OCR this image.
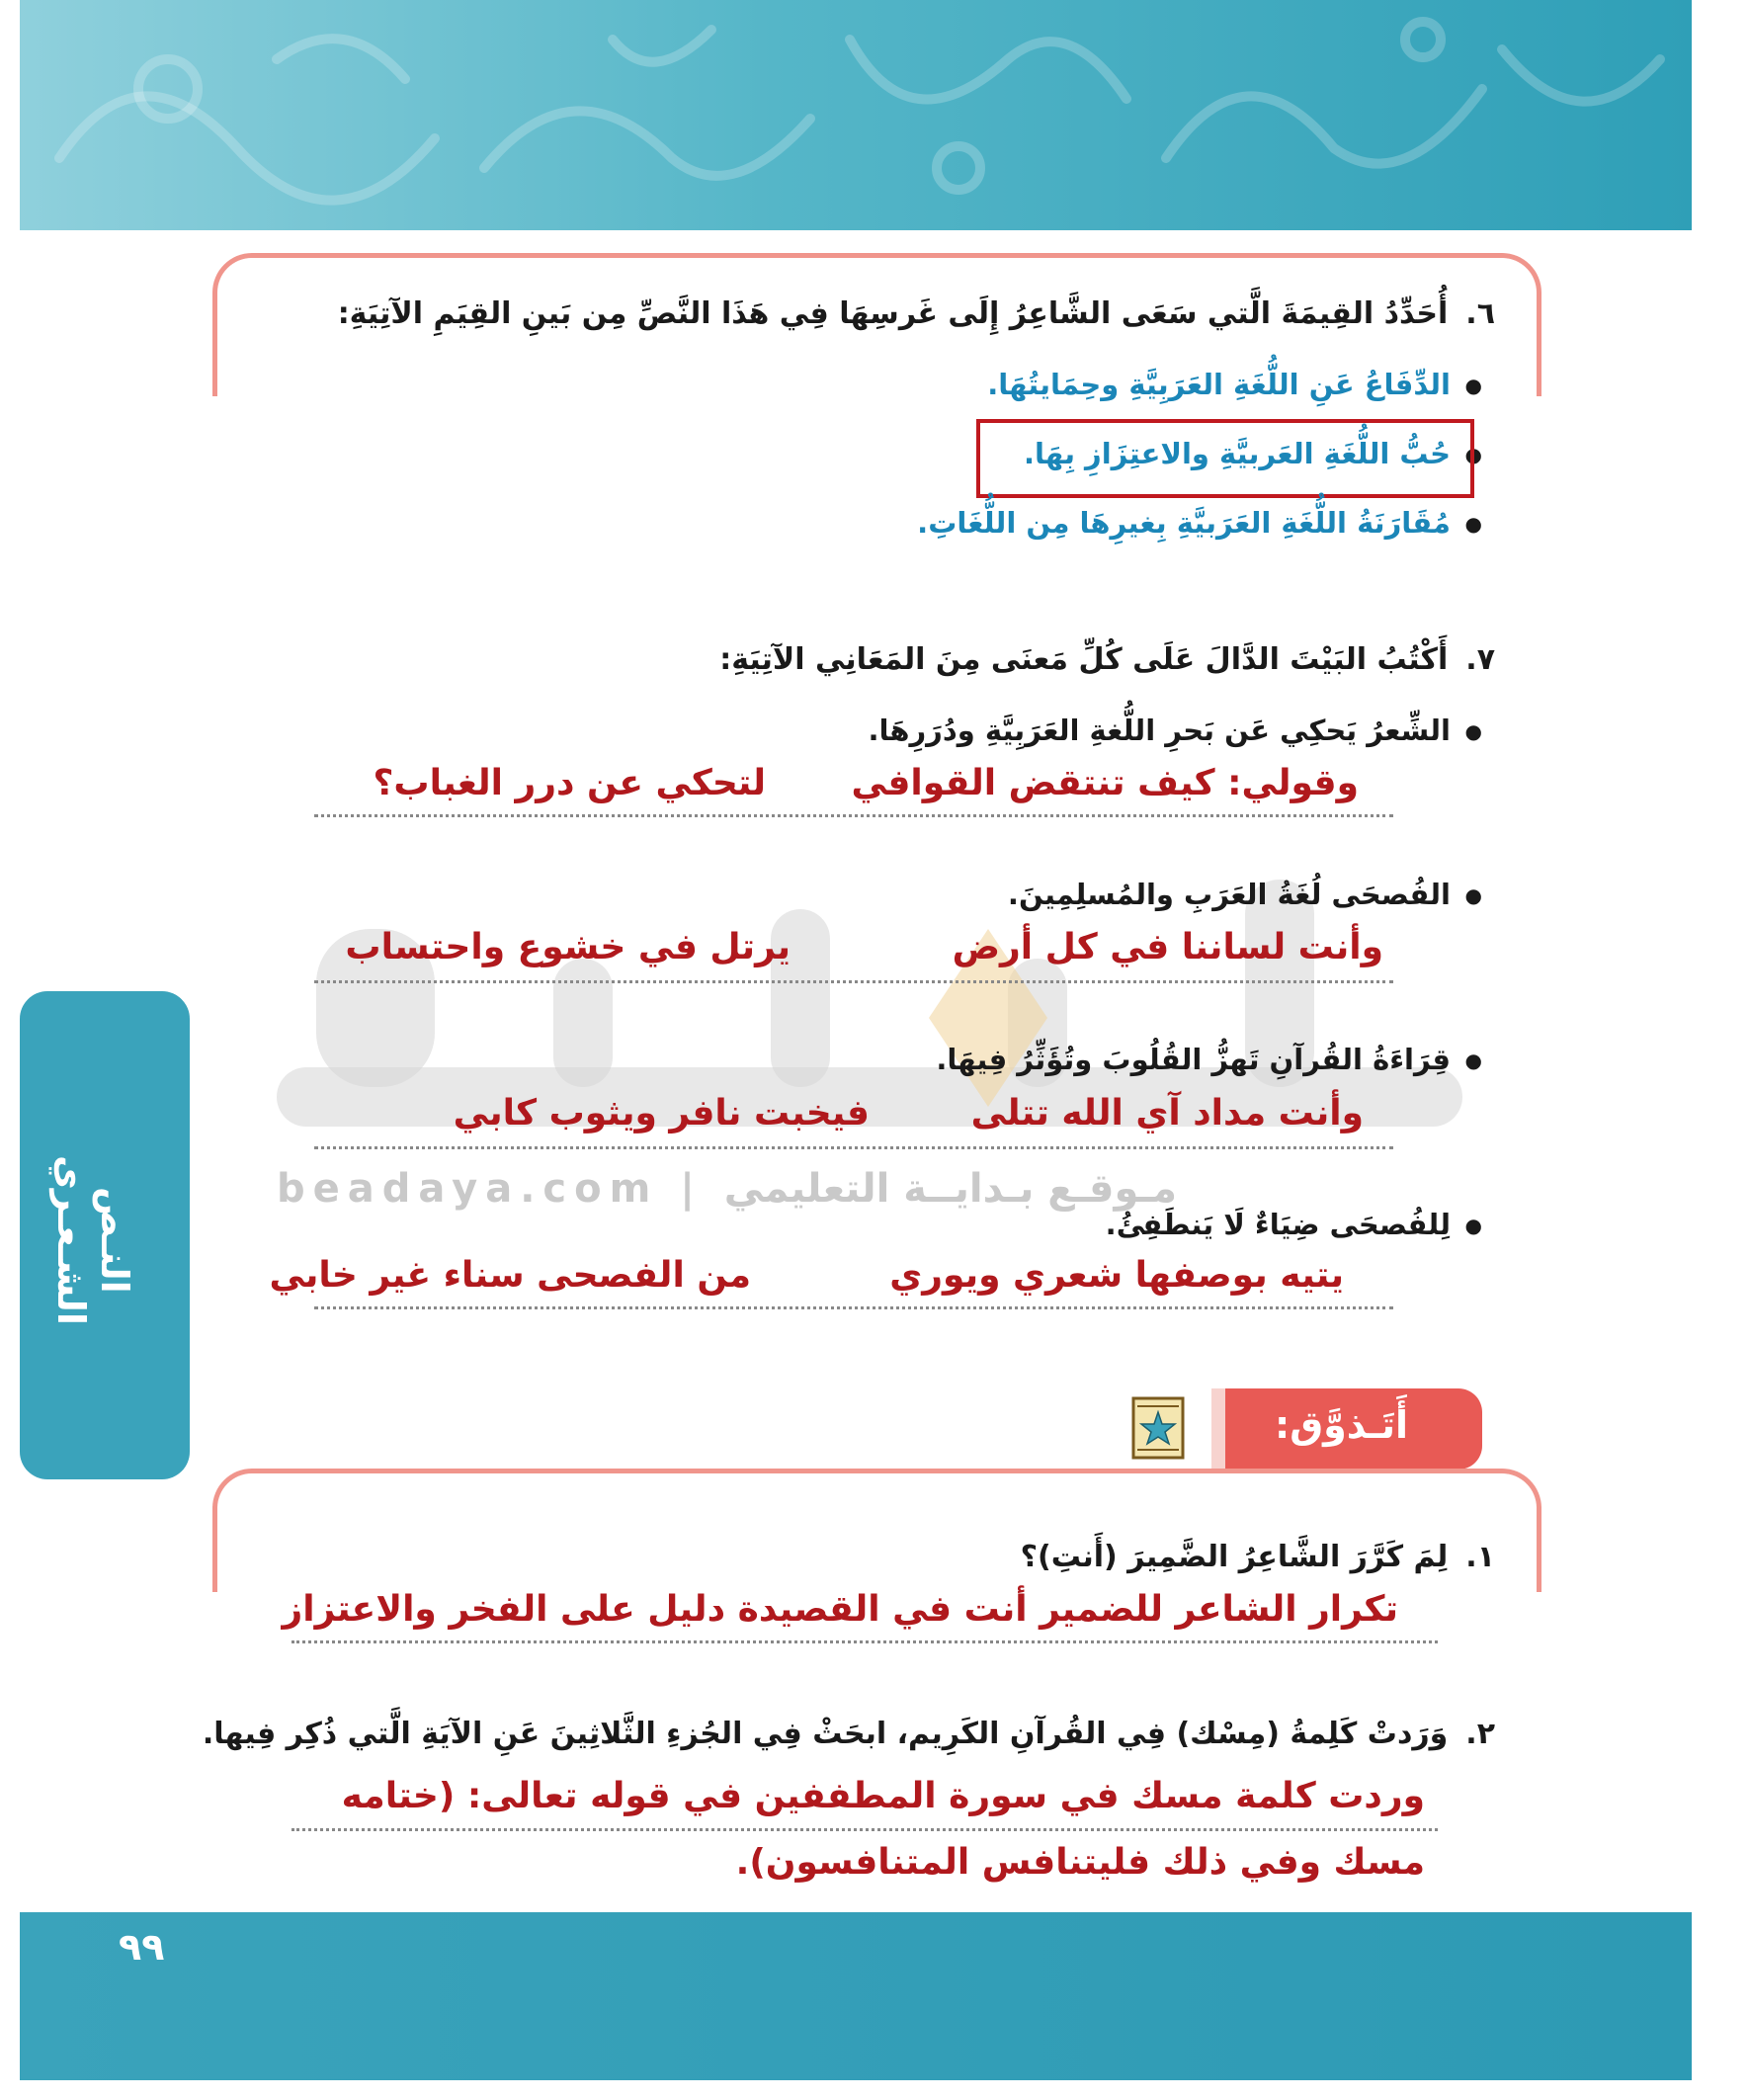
النـص الشـعـري	beadaya.com | مـوقـع بـدايــة التعليمي
٦.أُحَدِّدُ القِيمَةَ الَّتي سَعَى الشَّاعِرُ إِلَى غَرسِهَا فِي هَذَا النَّصِّ مِن بَينِ القِيَمِ الآتِيَةِ:
● الدِّفَاعُ عَنِ اللُّغَةِ العَرَبِيَّةِ وحِمَايتُهَا.
● حُبُّ اللُّغَةِ العَربيَّةِ والاعتِزَازِ بِهَا.
● مُقَارَنَةُ اللُّغَةِ العَرَبيَّةِ بِغيرِهَا مِن اللُّغَاتِ.
٧.أَكْتُبُ البَيْتَ الدَّالَ عَلَى كُلِّ مَعنَى مِنَ المَعَانِي الآتِيَةِ:
● الشِّعرُ يَحكِي عَن بَحرِ اللُّغةِ العَرَبِيَّةِ ودُرَرِهَا.
وقولي: كيف تنتقض القوافي
لتحكي عن درر الغباب؟
● الفُصحَى لُغَةُ العَرَبِ والمُسلِمِينَ.
وأنت لساننا في كل أرض
يرتل في خشوع واحتساب
● قِرَاءَةُ القُرآنِ تَهزُّ القُلُوبَ وتُؤَثِّرُ فِيهَا.
وأنت مداد آي الله تتلى
فيخبت نافر ويثوب كابي
● لِلفُصحَى ضِيَاءٌ لَا يَنطَفِئُ.
يتيه بوصفها شعري ويوري
من الفصحى سناء غير خابي
أَتَـذوَّق:
١.لِمَ كَرَّرَ الشَّاعِرُ الضَّمِيرَ (أَنتِ)؟
تكرار الشاعر للضمير أنت في القصيدة دليل على الفخر والاعتزاز
٢.وَرَدتْ كَلِمةُ (مِسْك) فِي القُرآنِ الكَرِيم، ابحَثْ فِي الجُزءِ الثَّلاثِينَ عَنِ الآيَةِ الَّتي ذُكِر فِيها.
وردت كلمة مسك في سورة المطففين في قوله تعالى: (ختامه
مسك وفي ذلك فليتنافس المتنافسون).
٩٩
